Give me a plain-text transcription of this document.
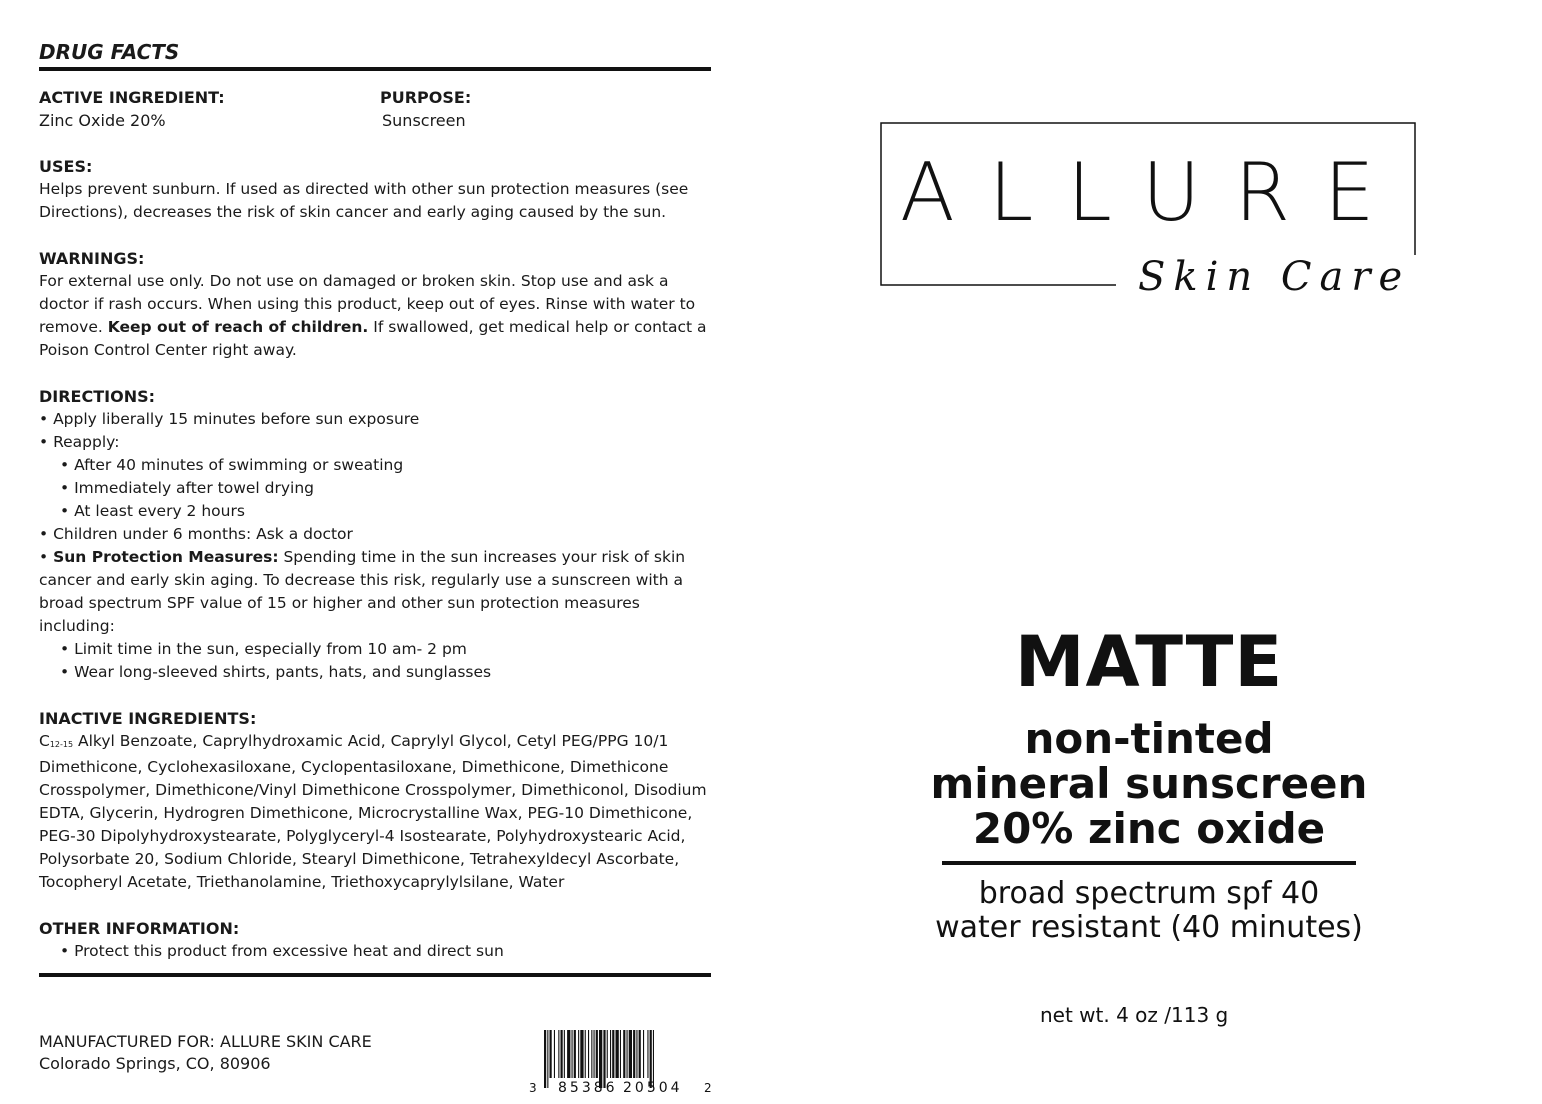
DRUG FACTS
ACTIVE INGREDIENT:
Zinc Oxide 20%
PURPOSE:
Sunscreen
USES:

Helps prevent sunburn. If used as directed with other sun protection measures (see Directions), decreases the risk of skin cancer and early aging caused by the sun.

WARNINGS:

For external use only. Do not use on damaged or broken skin. Stop use and ask a doctor if rash occurs. When using this product, keep out of eyes. Rinse with water to remove. Keep out of reach of children. If swallowed, get medical help or contact a Poison Control Center right away.

DIRECTIONS:

• Apply liberally 15 minutes before sun exposure

• Reapply:

• After 40 minutes of swimming or sweating

• Immediately after towel drying

• At least every 2 hours

• Children under 6 months: Ask a doctor

• Sun Protection Measures: Spending time in the sun increases your risk of skin cancer and early skin aging. To decrease this risk, regularly use a sunscreen with a broad spectrum SPF value of 15 or higher and other sun protection measures including:

• Limit time in the sun, especially from 10 am- 2 pm

• Wear long-sleeved shirts, pants, hats, and sunglasses

INACTIVE INGREDIENTS:

C12-15 Alkyl Benzoate, Caprylhydroxamic Acid, Caprylyl Glycol, Cetyl PEG/PPG 10/1 Dimethicone, Cyclohexasiloxane, Cyclopentasiloxane, Dimethicone, Dimethicone Crosspolymer, Dimethicone/Vinyl Dimethicone Crosspolymer, Dimethiconol, Disodium EDTA, Glycerin, Hydrogren Dimethicone, Microcrystalline Wax, PEG-10 Dimethicone, PEG-30 Dipolyhydroxystearate, Polyglyceryl-4 Isostearate, Polyhydroxystearic Acid, Polysorbate 20, Sodium Chloride, Stearyl Dimethicone, Tetrahexyldecyl Ascorbate, Tocopheryl Acetate, Triethanolamine, Triethoxycaprylylsilane, Water

OTHER INFORMATION:

• Protect this product from excessive heat and direct sun

MANUFACTURED FOR: ALLURE SKIN CARE
Colorado Springs, CO, 80906
3 85386 20504 2
ALLURE
Skin Care
MATTE
non-tinted
mineral sunscreen
20% zinc oxide
broad spectrum spf 40
water resistant (40 minutes)
net wt. 4 oz /113 g
